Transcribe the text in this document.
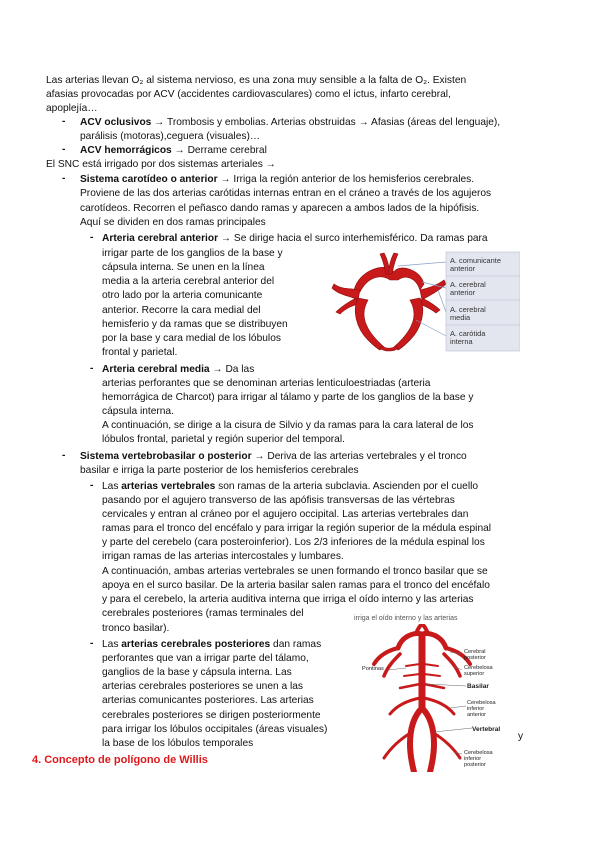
Las arterias llevan O₂ al sistema nervioso, es una zona muy sensible a la falta de O₂. Existen
afasias provocadas por ACV (accidentes cardiovasculares) como el ictus, infarto cerebral,
apoplejía…
- ACV oclusivos → Trombosis y embolias. Arterias obstruidas → Afasias (áreas del lenguaje),
parálisis (motoras),ceguera (visuales)…
- ACV hemorrágicos → Derrame cerebral
El SNC está irrigado por dos sistemas arteriales →
- Sistema carotídeo o anterior → Irriga la región anterior de los hemisferios cerebrales.
Proviene de las dos arterias carótidas internas entran en el cráneo a través de los agujeros
carotídeos. Recorren el peñasco dando ramas y aparecen a ambos lados de la hipófisis.
Aquí se dividen en dos ramas principales
- Arteria cerebral anterior → Se dirige hacia el surco interhemisférico. Da ramas para
irrigar parte de los ganglios de la base y
cápsula interna. Se unen en la línea
media a la arteria cerebral anterior del
otro lado por la arteria comunicante
anterior. Recorre la cara medial del
hemisferio y da ramas que se distribuyen
por la base y cara medial de los lóbulos
frontal y parietal.
A. comunicante
anterior
A. cerebral
anterior
A. cerebral
media
A. carótida
interna
- Arteria cerebral media → Da las
arterias perforantes que se denominan arterias lenticuloestriadas (arteria
hemorrágica de Charcot) para irrigar al tálamo y parte de los ganglios de la base y
cápsula interna.
A continuación, se dirige a la cisura de Silvio y da ramas para la cara lateral de los
lóbulos frontal, parietal y región superior del temporal.
- Sistema vertebrobasilar o posterior → Deriva de las arterias vertebrales y el tronco
basilar e irriga la parte posterior de los hemisferios cerebrales
- Las arterias vertebrales son ramas de la arteria subclavia. Ascienden por el cuello
pasando por el agujero transverso de las apófisis transversas de las vértebras
cervicales y entran al cráneo por el agujero occipital. Las arterias vertebrales dan
ramas para el tronco del encéfalo y para irrigar la región superior de la médula espinal
y parte del cerebelo (cara posteroinferior). Los 2/3 inferiores de la médula espinal los
irrigan ramas de las arterias intercostales y lumbares.
A continuación, ambas arterias vertebrales se unen formando el tronco basilar que se
apoya en el surco basilar. De la arteria basilar salen ramas para el tronco del encéfalo
y para el cerebelo, la arteria auditiva interna que irriga el oído interno y las arterias
cerebrales posteriores (ramas terminales del
tronco basilar).
- Las arterias cerebrales posteriores dan ramas
perforantes que van a irrigar parte del tálamo,
ganglios de la base y cápsula interna. Las
arterias cerebrales posteriores se unen a las
arterias comunicantes posteriores. Las arterias
cerebrales posteriores se dirigen posteriormente
para irrigar los lóbulos occipitales (áreas visuales)
la base de los lóbulos temporales
y
irriga el oído interno y las arterias
Cerebral
posterior
Cerebelosa
superior
Pontinas
Basilar
Cerebelosa
inferior
anterior
Vertebral
Cerebelosa
inferior
posterior
4. Concepto de polígono de Willis
